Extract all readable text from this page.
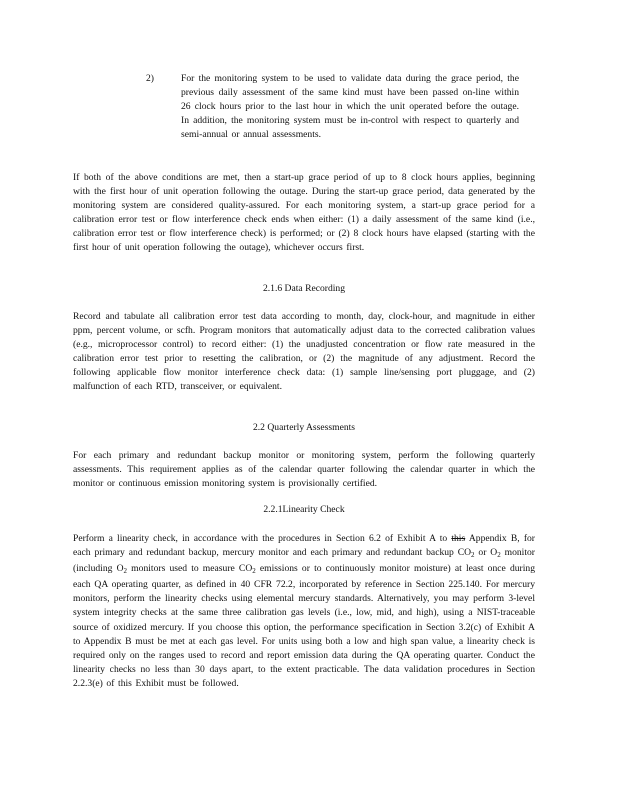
2)	For the monitoring system to be used to validate data during the grace period, the previous daily assessment of the same kind must have been passed on-line within 26 clock hours prior to the last hour in which the unit operated before the outage. In addition, the monitoring system must be in-control with respect to quarterly and semi-annual or annual assessments.
If both of the above conditions are met, then a start-up grace period of up to 8 clock hours applies, beginning with the first hour of unit operation following the outage. During the start-up grace period, data generated by the monitoring system are considered quality-assured. For each monitoring system, a start-up grace period for a calibration error test or flow interference check ends when either: (1) a daily assessment of the same kind (i.e., calibration error test or flow interference check) is performed; or (2) 8 clock hours have elapsed (starting with the first hour of unit operation following the outage), whichever occurs first.
2.1.6 Data Recording
Record and tabulate all calibration error test data according to month, day, clock-hour, and magnitude in either ppm, percent volume, or scfh. Program monitors that automatically adjust data to the corrected calibration values (e.g., microprocessor control) to record either: (1) the unadjusted concentration or flow rate measured in the calibration error test prior to resetting the calibration, or (2) the magnitude of any adjustment. Record the following applicable flow monitor interference check data: (1) sample line/sensing port pluggage, and (2) malfunction of each RTD, transceiver, or equivalent.
2.2 Quarterly Assessments
For each primary and redundant backup monitor or monitoring system, perform the following quarterly assessments. This requirement applies as of the calendar quarter following the calendar quarter in which the monitor or continuous emission monitoring system is provisionally certified.
2.2.1Linearity Check
Perform a linearity check, in accordance with the procedures in Section 6.2 of Exhibit A to this Appendix B, for each primary and redundant backup, mercury monitor and each primary and redundant backup $CO_2$ or $O_2$ monitor (including $O_2$ monitors used to measure $CO_2$ emissions or to continuously monitor moisture) at least once during each QA operating quarter, as defined in 40 CFR 72.2, incorporated by reference in Section 225.140. For mercury monitors, perform the linearity checks using elemental mercury standards. Alternatively, you may perform 3-level system integrity checks at the same three calibration gas levels (i.e., low, mid, and high), using a NIST-traceable source of oxidized mercury. If you choose this option, the performance specification in Section 3.2(c) of Exhibit A to Appendix B must be met at each gas level. For units using both a low and high span value, a linearity check is required only on the ranges used to record and report emission data during the QA operating quarter. Conduct the linearity checks no less than 30 days apart, to the extent practicable. The data validation procedures in Section 2.2.3(e) of this Exhibit must be followed.
